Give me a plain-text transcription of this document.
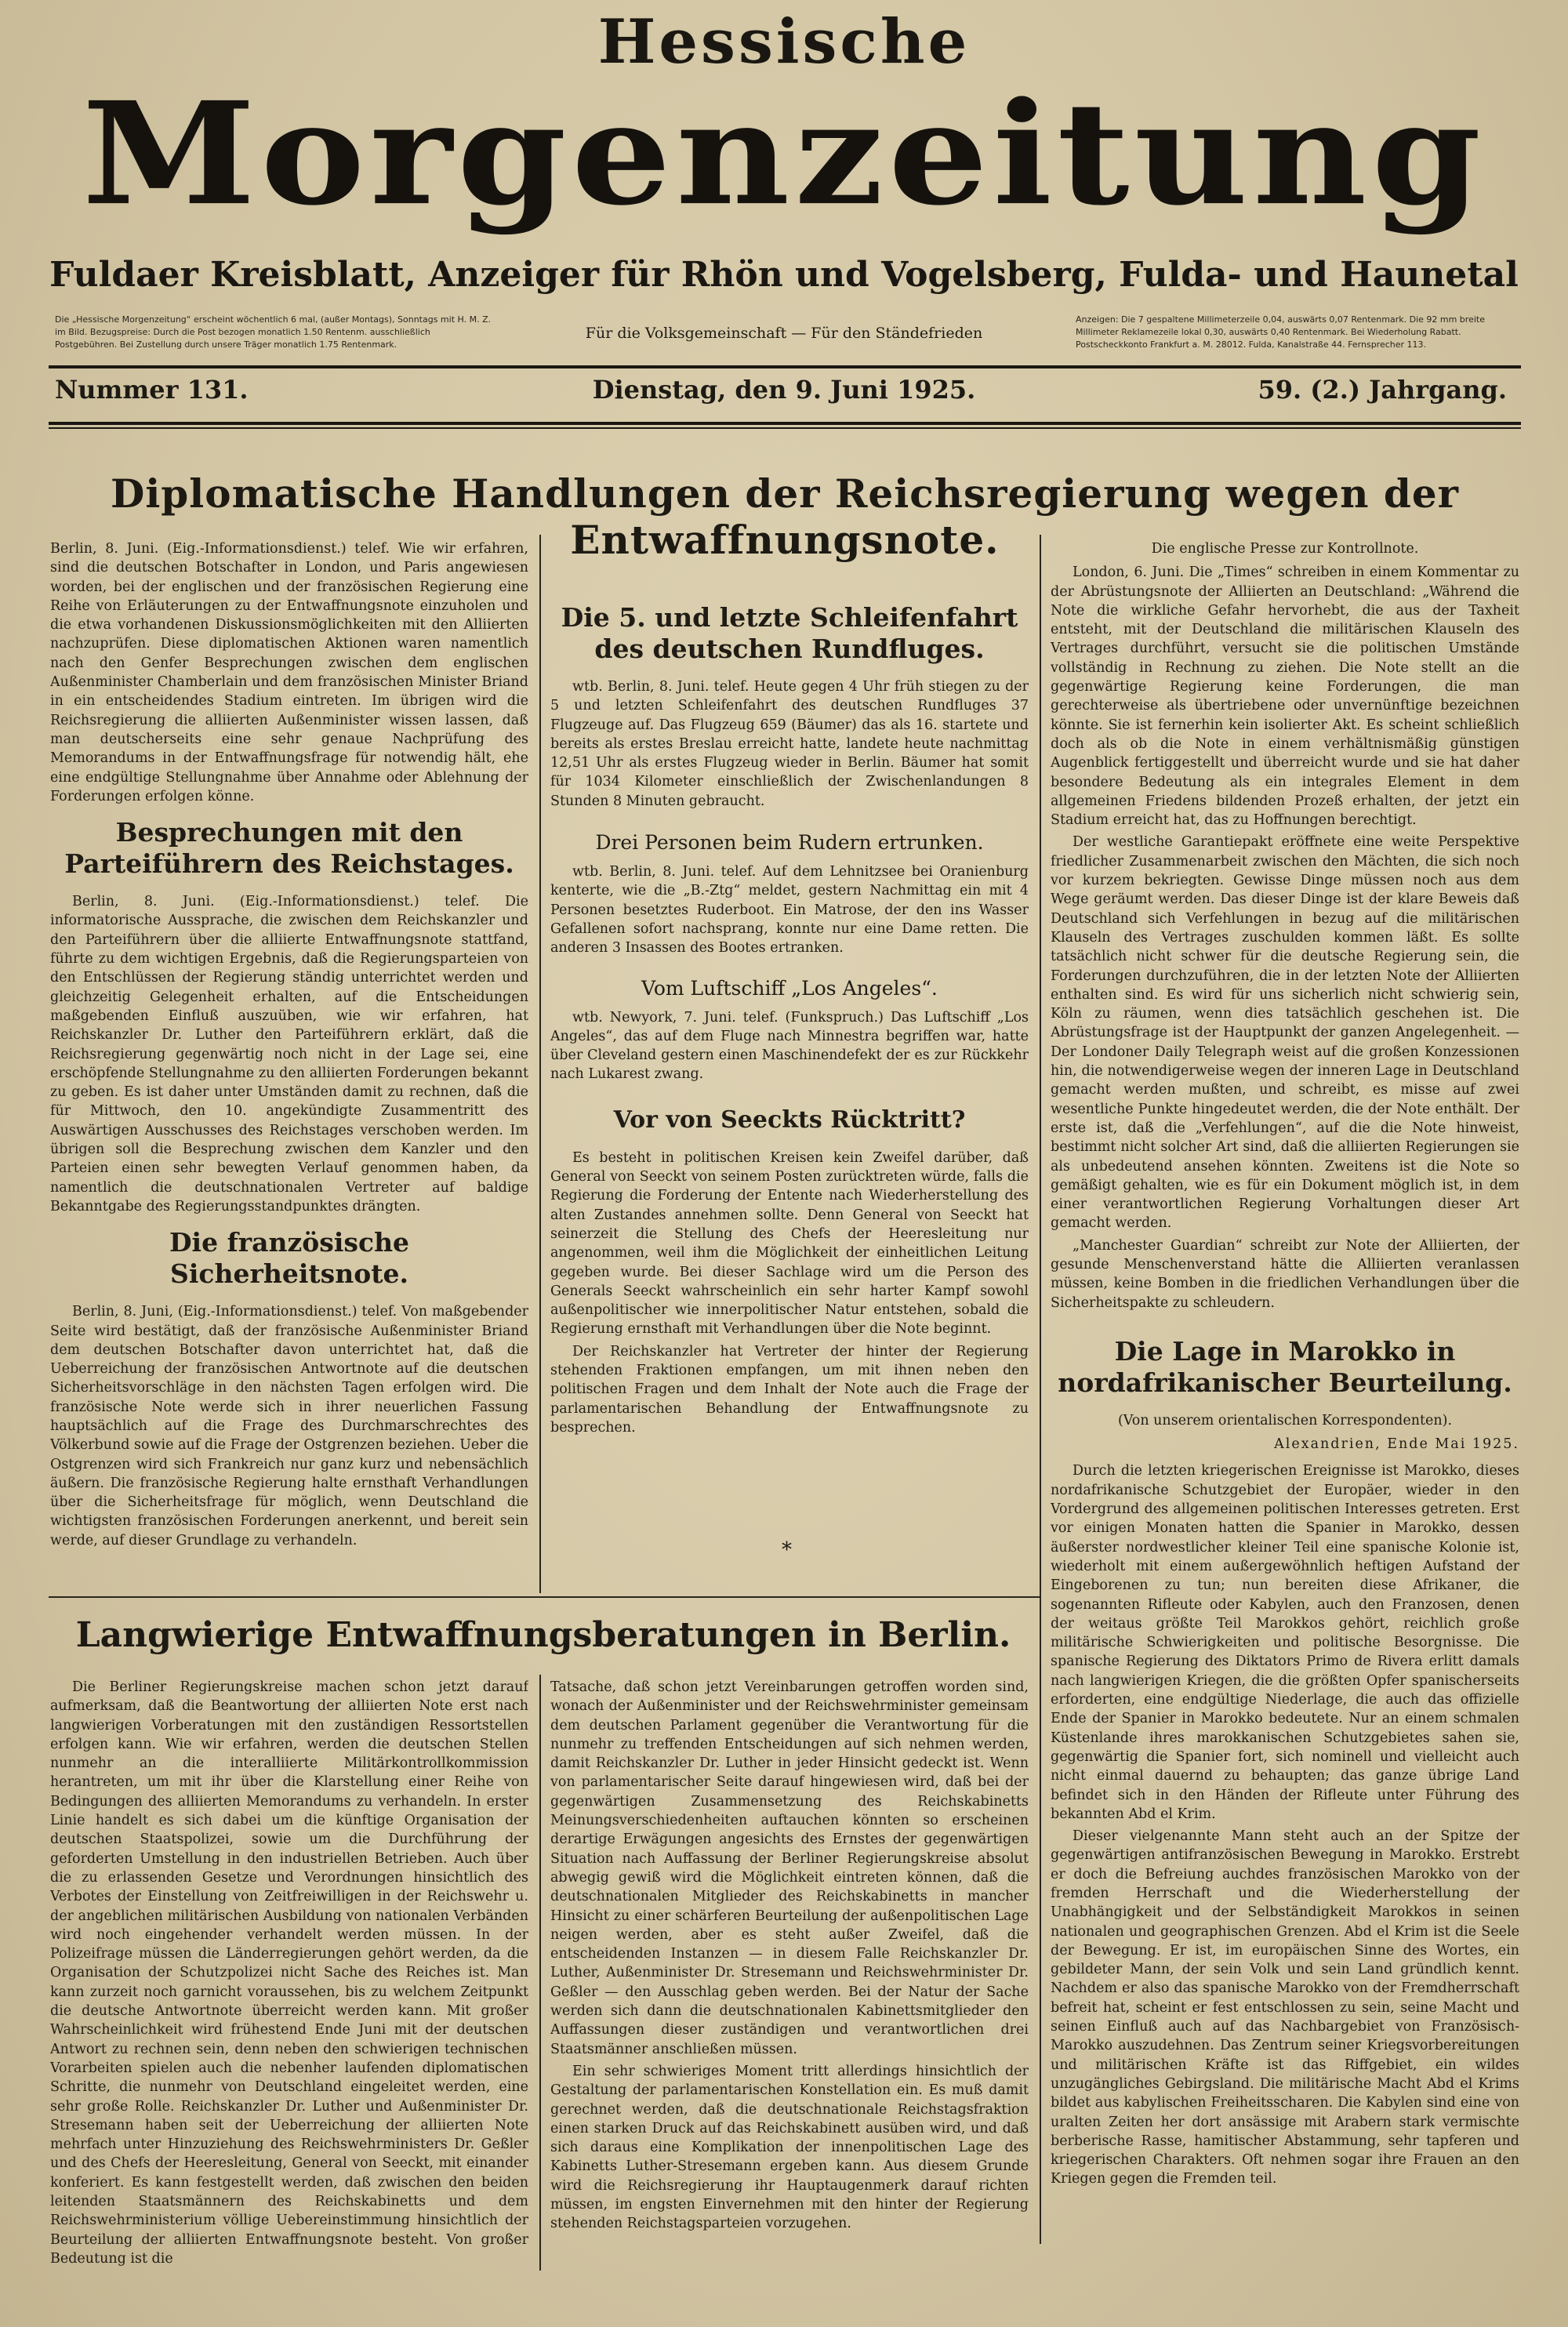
Hessische
Morgenzeitung
Fuldaer Kreisblatt, Anzeiger für Rhön und Vogelsberg, Fulda- und Haunetal
Die „Hessische Morgenzeitung“ erscheint wöchentlich 6 mal, (außer Montags), Sonntags mit H. M. Z. im Bild. Bezugspreise: Durch die Post bezogen monatlich 1.50 Rentenm. ausschließlich Postgebühren. Bei Zustellung durch unsere Träger monatlich 1.75 Rentenmark.
Für die Volksgemeinschaft — Für den Ständefrieden
Anzeigen: Die 7 gespaltene Millimeterzeile 0,04, auswärts 0,07 Rentenmark. Die 92 mm breite Millimeter Reklamezeile lokal 0,30, auswärts 0,40 Rentenmark. Bei Wiederholung Rabatt. Postscheckkonto Frankfurt a. M. 28012. Fulda, Kanalstraße 44. Fernsprecher 113.
Nummer 131.	Dienstag, den 9. Juni 1925.	59. (2.) Jahrgang.
Diplomatische Handlungen der Reichsregierung wegen der Entwaffnungsnote.

Berlin, 8. Juni. (Eig.-Informationsdienst.) telef. Wie wir erfahren, sind die deutschen Botschafter in London, und Paris angewiesen worden, bei der englischen und der französischen Regierung eine Reihe von Erläuterungen zu der Entwaffnungsnote einzuholen und die etwa vorhandenen Diskussionsmöglichkeiten mit den Alliierten nachzuprüfen. Diese diplomatischen Aktionen waren namentlich nach den Genfer Besprechungen zwischen dem englischen Außenminister Chamberlain und dem französischen Minister Briand in ein entscheidendes Stadium eintreten. Im übrigen wird die Reichsregierung die alliierten Außenminister wissen lassen, daß man deutscherseits eine sehr genaue Nachprüfung des Memorandums in der Entwaffnungsfrage für notwendig hält, ehe eine endgültige Stellungnahme über Annahme oder Ablehnung der Forderungen erfolgen könne.

Besprechungen mit den Parteiführern des Reichstages.

Berlin, 8. Juni. (Eig.-Informationsdienst.) telef. Die informatorische Aussprache, die zwischen dem Reichskanzler und den Parteiführern über die alliierte Entwaffnungsnote stattfand, führte zu dem wichtigen Ergebnis, daß die Regierungsparteien von den Entschlüssen der Regierung ständig unterrichtet werden und gleichzeitig Gelegenheit erhalten, auf die Entscheidungen maßgebenden Einfluß auszuüben, wie wir erfahren, hat Reichskanzler Dr. Luther den Parteiführern erklärt, daß die Reichsregierung gegenwärtig noch nicht in der Lage sei, eine erschöpfende Stellungnahme zu den alliierten Forderungen bekannt zu geben. Es ist daher unter Umständen damit zu rechnen, daß die für Mittwoch, den 10. angekündigte Zusammentritt des Auswärtigen Ausschusses des Reichstages verschoben werden. Im übrigen soll die Besprechung zwischen dem Kanzler und den Parteien einen sehr bewegten Verlauf genommen haben, da namentlich die deutschnationalen Vertreter auf baldige Bekanntgabe des Regierungsstandpunktes drängten.

Die französische Sicherheitsnote.

Berlin, 8. Juni, (Eig.-Informationsdienst.) telef. Von maßgebender Seite wird bestätigt, daß der französische Außenminister Briand dem deutschen Botschafter davon unterrichtet hat, daß die Ueberreichung der französischen Antwortnote auf die deutschen Sicherheitsvorschläge in den nächsten Tagen erfolgen wird. Die französische Note werde sich in ihrer neuerlichen Fassung hauptsächlich auf die Frage des Durchmarschrechtes des Völkerbund sowie auf die Frage der Ostgrenzen beziehen. Ueber die Ostgrenzen wird sich Frankreich nur ganz kurz und nebensächlich äußern. Die französische Regierung halte ernsthaft Verhandlungen über die Sicherheitsfrage für möglich, wenn Deutschland die wichtigsten französischen Forderungen anerkennt, und bereit sein werde, auf dieser Grundlage zu verhandeln.

Die 5. und letzte Schleifenfahrt des deutschen Rundfluges.

wtb. Berlin, 8. Juni. telef. Heute gegen 4 Uhr früh stiegen zu der 5 und letzten Schleifenfahrt des deutschen Rundfluges 37 Flugzeuge auf. Das Flugzeug 659 (Bäumer) das als 16. startete und bereits als erstes Breslau erreicht hatte, landete heute nachmittag 12,51 Uhr als erstes Flugzeug wieder in Berlin. Bäumer hat somit für 1034 Kilometer einschließlich der Zwischenlandungen 8 Stunden 8 Minuten gebraucht.

Drei Personen beim Rudern ertrunken.

wtb. Berlin, 8. Juni. telef. Auf dem Lehnitzsee bei Oranienburg kenterte, wie die „B.-Ztg“ meldet, gestern Nachmittag ein mit 4 Personen besetztes Ruderboot. Ein Matrose, der den ins Wasser Gefallenen sofort nachsprang, konnte nur eine Dame retten. Die anderen 3 Insassen des Bootes ertranken.

Vom Luftschiff „Los Angeles“.

wtb. Newyork, 7. Juni. telef. (Funkspruch.) Das Luftschiff „Los Angeles“, das auf dem Fluge nach Minnestra begriffen war, hatte über Cleveland gestern einen Maschinendefekt der es zur Rückkehr nach Lukarest zwang.

Vor von Seeckts Rücktritt?

Es besteht in politischen Kreisen kein Zweifel darüber, daß General von Seeckt von seinem Posten zurücktreten würde, falls die Regierung die Forderung der Entente nach Wiederherstellung des alten Zustandes annehmen sollte. Denn General von Seeckt hat seinerzeit die Stellung des Chefs der Heeresleitung nur angenommen, weil ihm die Möglichkeit der einheitlichen Leitung gegeben wurde. Bei dieser Sachlage wird um die Person des Generals Seeckt wahrscheinlich ein sehr harter Kampf sowohl außenpolitischer wie innerpolitischer Natur entstehen, sobald die Regierung ernsthaft mit Verhandlungen über die Note beginnt.

Der Reichskanzler hat Vertreter der hinter der Regierung stehenden Fraktionen empfangen, um mit ihnen neben den politischen Fragen und dem Inhalt der Note auch die Frage der parlamentarischen Behandlung der Entwaffnungsnote zu besprechen.

*

Die englische Presse zur Kontrollnote.

London, 6. Juni. Die „Times“ schreiben in einem Kommentar zu der Abrüstungsnote der Alliierten an Deutschland: „Während die Note die wirkliche Gefahr hervorhebt, die aus der Taxheit entsteht, mit der Deutschland die militärischen Klauseln des Vertrages durchführt, versucht sie die politischen Umstände vollständig in Rechnung zu ziehen. Die Note stellt an die gegenwärtige Regierung keine Forderungen, die man gerechterweise als übertriebene oder unvernünftige bezeichnen könnte. Sie ist fernerhin kein isolierter Akt. Es scheint schließlich doch als ob die Note in einem verhältnismäßig günstigen Augenblick fertiggestellt und überreicht wurde und sie hat daher besondere Bedeutung als ein integrales Element in dem allgemeinen Friedens bildenden Prozeß erhalten, der jetzt ein Stadium erreicht hat, das zu Hoffnungen berechtigt.

Der westliche Garantiepakt eröffnete eine weite Perspektive friedlicher Zusammenarbeit zwischen den Mächten, die sich noch vor kurzem bekriegten. Gewisse Dinge müssen noch aus dem Wege geräumt werden. Das dieser Dinge ist der klare Beweis daß Deutschland sich Verfehlungen in bezug auf die militärischen Klauseln des Vertrages zuschulden kommen läßt. Es sollte tatsächlich nicht schwer für die deutsche Regierung sein, die Forderungen durchzuführen, die in der letzten Note der Alliierten enthalten sind. Es wird für uns sicherlich nicht schwierig sein, Köln zu räumen, wenn dies tatsächlich geschehen ist. Die Abrüstungsfrage ist der Hauptpunkt der ganzen Angelegenheit. — Der Londoner Daily Telegraph weist auf die großen Konzessionen hin, die notwendigerweise wegen der inneren Lage in Deutschland gemacht werden mußten, und schreibt, es misse auf zwei wesentliche Punkte hingedeutet werden, die der Note enthält. Der erste ist, daß die „Verfehlungen“, auf die die Note hinweist, bestimmt nicht solcher Art sind, daß die alliierten Regierungen sie als unbedeutend ansehen könnten. Zweitens ist die Note so gemäßigt gehalten, wie es für ein Dokument möglich ist, in dem einer verantwortlichen Regierung Vorhaltungen dieser Art gemacht werden.

„Manchester Guardian“ schreibt zur Note der Alliierten, der gesunde Menschenverstand hätte die Alliierten veranlassen müssen, keine Bomben in die friedlichen Verhandlungen über die Sicherheitspakte zu schleudern.

Die Lage in Marokko in nordafrikanischer Beurteilung.

(Von unserem orientalischen Korrespondenten).

Alexandrien, Ende Mai 1925.

Durch die letzten kriegerischen Ereignisse ist Marokko, dieses nordafrikanische Schutzgebiet der Europäer, wieder in den Vordergrund des allgemeinen politischen Interesses getreten. Erst vor einigen Monaten hatten die Spanier in Marokko, dessen äußerster nordwestlicher kleiner Teil eine spanische Kolonie ist, wiederholt mit einem außergewöhnlich heftigen Aufstand der Eingeborenen zu tun; nun bereiten diese Afrikaner, die sogenannten Rifleute oder Kabylen, auch den Franzosen, denen der weitaus größte Teil Marokkos gehört, reichlich große militärische Schwierigkeiten und politische Besorgnisse. Die spanische Regierung des Diktators Primo de Rivera erlitt damals nach langwierigen Kriegen, die die größten Opfer spanischerseits erforderten, eine endgültige Niederlage, die auch das offizielle Ende der Spanier in Marokko bedeutete. Nur an einem schmalen Küstenlande ihres marokkanischen Schutzgebietes sahen sie, gegenwärtig die Spanier fort, sich nominell und vielleicht auch nicht einmal dauernd zu behaupten; das ganze übrige Land befindet sich in den Händen der Rifleute unter Führung des bekannten Abd el Krim.

Dieser vielgenannte Mann steht auch an der Spitze der gegenwärtigen antifranzösischen Bewegung in Marokko. Erstrebt er doch die Befreiung auchdes französischen Marokko von der fremden Herrschaft und die Wiederherstellung der Unabhängigkeit und der Selbständigkeit Marokkos in seinen nationalen und geographischen Grenzen. Abd el Krim ist die Seele der Bewegung. Er ist, im europäischen Sinne des Wortes, ein gebildeter Mann, der sein Volk und sein Land gründlich kennt. Nachdem er also das spanische Marokko von der Fremdherrschaft befreit hat, scheint er fest entschlossen zu sein, seine Macht und seinen Einfluß auch auf das Nachbargebiet von Französisch-Marokko auszudehnen. Das Zentrum seiner Kriegsvorbereitungen und militärischen Kräfte ist das Riffgebiet, ein wildes unzugängliches Gebirgsland. Die militärische Macht Abd el Krims bildet aus kabylischen Freiheitsscharen. Die Kabylen sind eine von uralten Zeiten her dort ansässige mit Arabern stark vermischte berberische Rasse, hamitischer Abstammung, sehr tapferen und kriegerischen Charakters. Oft nehmen sogar ihre Frauen an den Kriegen gegen die Fremden teil.

Langwierige Entwaffnungsberatungen in Berlin.

Die Berliner Regierungskreise machen schon jetzt darauf aufmerksam, daß die Beantwortung der alliierten Note erst nach langwierigen Vorberatungen mit den zuständigen Ressortstellen erfolgen kann. Wie wir erfahren, werden die deutschen Stellen nunmehr an die interalliierte Militärkontrollkommission herantreten, um mit ihr über die Klarstellung einer Reihe von Bedingungen des alliierten Memorandums zu verhandeln. In erster Linie handelt es sich dabei um die künftige Organisation der deutschen Staatspolizei, sowie um die Durchführung der geforderten Umstellung in den industriellen Betrieben. Auch über die zu erlassenden Gesetze und Verordnungen hinsichtlich des Verbotes der Einstellung von Zeitfreiwilligen in der Reichswehr u. der angeblichen militärischen Ausbildung von nationalen Verbänden wird noch eingehender verhandelt werden müssen. In der Polizeifrage müssen die Länderregierungen gehört werden, da die Organisation der Schutzpolizei nicht Sache des Reiches ist. Man kann zurzeit noch garnicht voraussehen, bis zu welchem Zeitpunkt die deutsche Antwortnote überreicht werden kann. Mit großer Wahrscheinlichkeit wird frühestend Ende Juni mit der deutschen Antwort zu rechnen sein, denn neben den schwierigen technischen Vorarbeiten spielen auch die nebenher laufenden diplomatischen Schritte, die nunmehr von Deutschland eingeleitet werden, eine sehr große Rolle. Reichskanzler Dr. Luther und Außenminister Dr. Stresemann haben seit der Ueberreichung der alliierten Note mehrfach unter Hinzuziehung des Reichswehrministers Dr. Geßler und des Chefs der Heeresleitung, General von Seeckt, mit einander konferiert. Es kann festgestellt werden, daß zwischen den beiden leitenden Staatsmännern des Reichskabinetts und dem Reichswehrministerium völlige Uebereinstimmung hinsichtlich der Beurteilung der alliierten Entwaffnungsnote besteht. Von großer Bedeutung ist die

Tatsache, daß schon jetzt Vereinbarungen getroffen worden sind, wonach der Außenminister und der Reichswehrminister gemeinsam dem deutschen Parlament gegenüber die Verantwortung für die nunmehr zu treffenden Entscheidungen auf sich nehmen werden, damit Reichskanzler Dr. Luther in jeder Hinsicht gedeckt ist. Wenn von parlamentarischer Seite darauf hingewiesen wird, daß bei der gegenwärtigen Zusammensetzung des Reichskabinetts Meinungsverschiedenheiten auftauchen könnten so erscheinen derartige Erwägungen angesichts des Ernstes der gegenwärtigen Situation nach Auffassung der Berliner Regierungskreise absolut abwegig gewiß wird die Möglichkeit eintreten können, daß die deutschnationalen Mitglieder des Reichskabinetts in mancher Hinsicht zu einer schärferen Beurteilung der außenpolitischen Lage neigen werden, aber es steht außer Zweifel, daß die entscheidenden Instanzen — in diesem Falle Reichskanzler Dr. Luther, Außenminister Dr. Stresemann und Reichswehrminister Dr. Geßler — den Ausschlag geben werden. Bei der Natur der Sache werden sich dann die deutschnationalen Kabinettsmitglieder den Auffassungen dieser zuständigen und verantwortlichen drei Staatsmänner anschließen müssen.

Ein sehr schwieriges Moment tritt allerdings hinsichtlich der Gestaltung der parlamentarischen Konstellation ein. Es muß damit gerechnet werden, daß die deutschnationale Reichstagsfraktion einen starken Druck auf das Reichskabinett ausüben wird, und daß sich daraus eine Komplikation der innenpolitischen Lage des Kabinetts Luther-Stresemann ergeben kann. Aus diesem Grunde wird die Reichsregierung ihr Hauptaugenmerk darauf richten müssen, im engsten Einvernehmen mit den hinter der Regierung stehenden Reichstagsparteien vorzugehen.
